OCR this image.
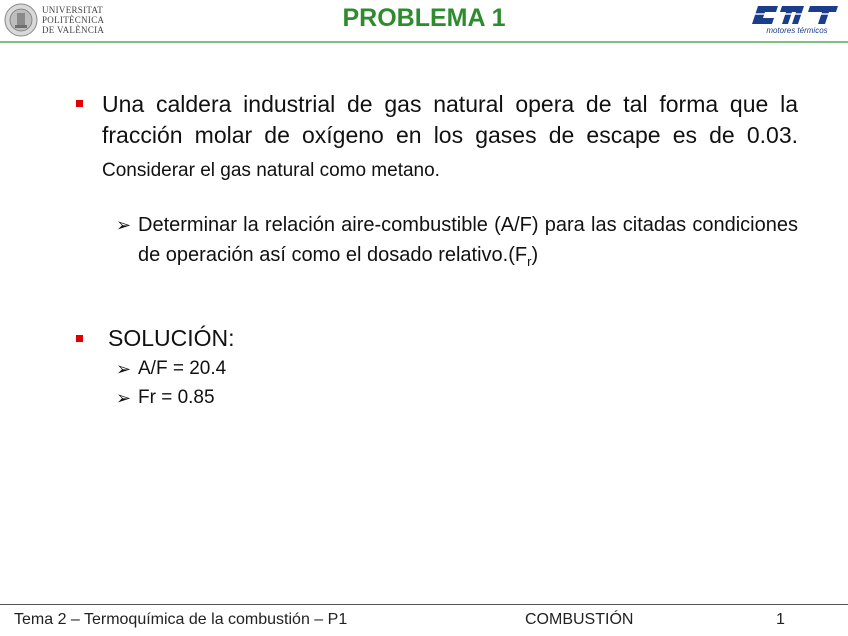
UNIVERSITAT
POLITÈCNICA
DE VALÈNCIA	PROBLEMA 1	motores térmicos
Una caldera industrial de gas natural opera de tal forma que la fracción molar de oxígeno en los gases de escape es de 0.03. Considerar el gas natural como metano.
➢ Determinar la relación aire-combustible (A/F) para las citadas condiciones de operación así como el dosado $relativo.(F_r)$
SOLUCIÓN:
➢ A/F = 20.4
➢ Fr = 0.85
Tema 2 – Termoquímica de la combustión – P1	COMBUSTIÓN	1
